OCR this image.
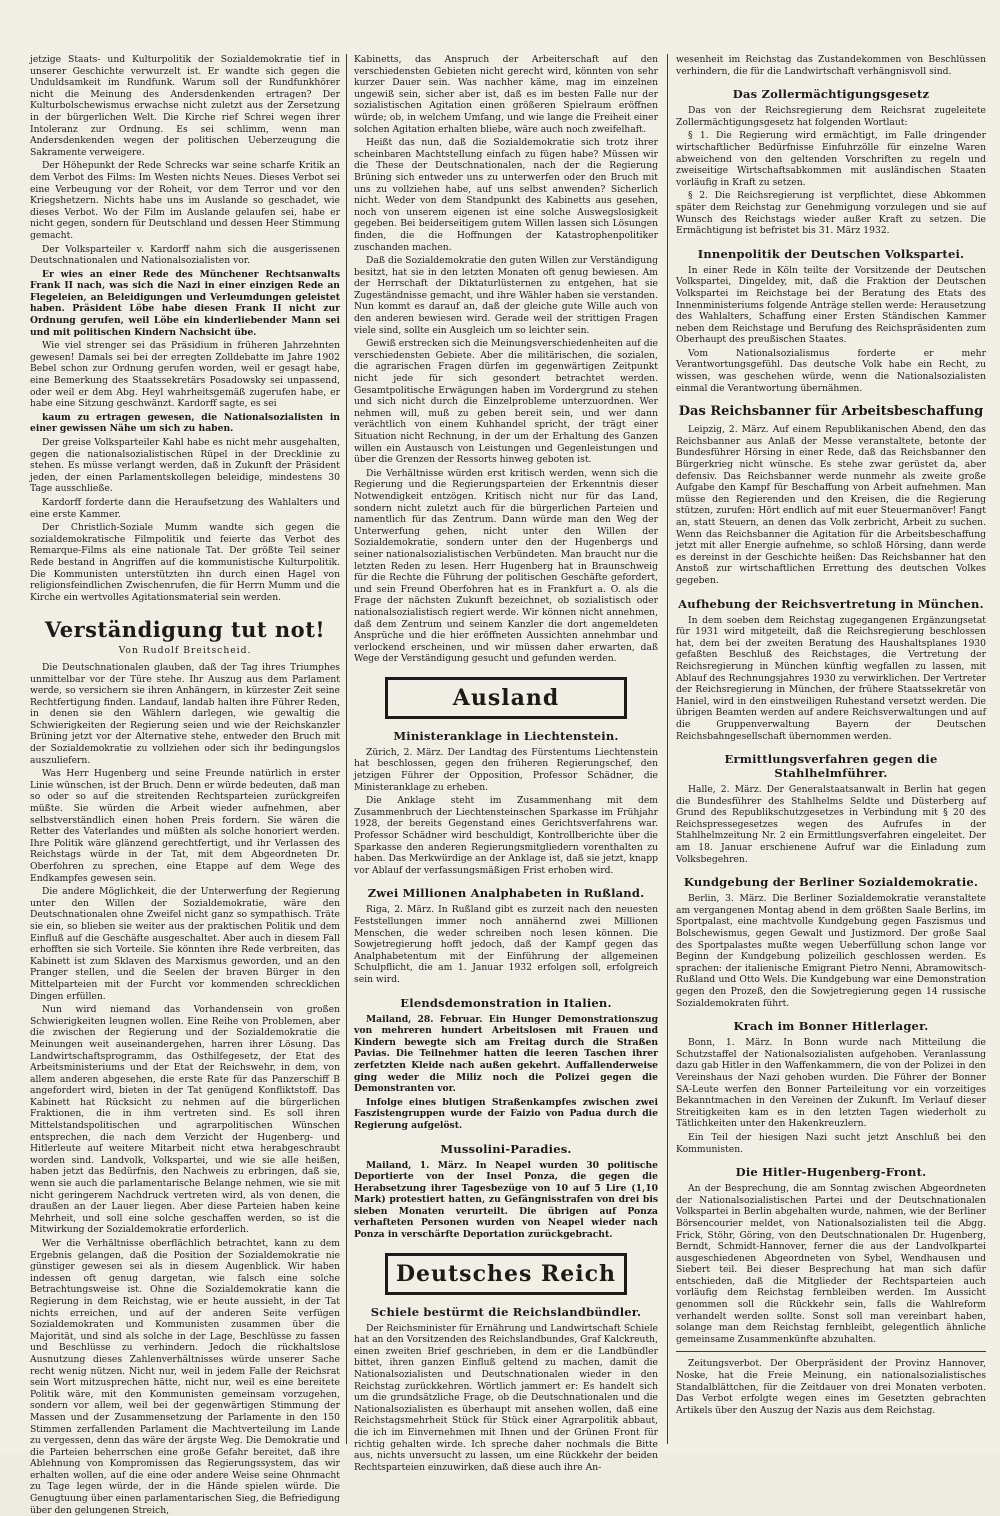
jetzige Staats- und Kulturpolitik der Sozialdemokratie tief in unserer Geschichte verwurzelt ist. Er wandte sich gegen die Unduldsamkeit im Rundfunk. Warum soll der Rundfunkhörer nicht die Meinung des Andersdenkenden ertragen? Der Kulturbolschewismus erwachse nicht zuletzt aus der Zersetzung in der bürgerlichen Welt. Die Kirche rief Schrei wegen ihrer Intoleranz zur Ordnung. Es sei schlimm, wenn man Andersdenkenden wegen der politischen Ueberzeugung die Sakramente verweigere.

Der Höhepunkt der Rede Schrecks war seine scharfe Kritik an dem Verbot des Films: Im Westen nichts Neues. Dieses Verbot sei eine Verbeugung vor der Roheit, vor dem Terror und vor den Kriegshetzern. Nichts habe uns im Auslande so geschadet, wie dieses Verbot. Wo der Film im Auslande gelaufen sei, habe er nicht gegen, sondern für Deutschland und dessen Heer Stimmung gemacht.

Der Volksparteiler v. Kardorff nahm sich die ausgerissenen Deutschnationalen und Nationalsozialisten vor.

Er wies an einer Rede des Münchener Rechtsanwalts Frank II nach, was sich die Nazi in einer einzigen Rede an Flegeleien, an Beleidigungen und Verleumdungen geleistet haben. Präsident Löbe habe diesen Frank II nicht zur Ordnung gerufen, weil Löbe ein kinderliebender Mann sei und mit politischen Kindern Nachsicht übe.

Wie viel strenger sei das Präsidium in früheren Jahrzehnten gewesen! Damals sei bei der erregten Zolldebatte im Jahre 1902 Bebel schon zur Ordnung gerufen worden, weil er gesagt habe, eine Bemerkung des Staatssekretärs Posadowsky sei unpassend, oder weil er dem Abg. Heyl wahrheitsgemäß zugerufen habe, er habe eine Sitzung geschwänzt. Kardorff sagte, es sei

kaum zu ertragen gewesen, die Nationalsozialisten in einer gewissen Nähe um sich zu haben.

Der greise Volksparteiler Kahl habe es nicht mehr ausgehalten, gegen die nationalsozialistischen Rüpel in der Drecklinie zu stehen. Es müsse verlangt werden, daß in Zukunft der Präsident jeden, der einen Parlamentskollegen beleidige, mindestens 30 Tage ausschließe.

Kardorff forderte dann die Heraufsetzung des Wahlalters und eine erste Kammer.

Der Christlich-Soziale Mumm wandte sich gegen die sozialdemokratische Filmpolitik und feierte das Verbot des Remarque-Films als eine nationale Tat. Der größte Teil seiner Rede bestand in Angriffen auf die kommunistische Kulturpolitik. Die Kommunisten unterstützten ihn durch einen Hagel von religionsfeindlichen Zwischenrufen, die für Herrn Mumm und die Kirche ein wertvolles Agitationsmaterial sein werden.

Verständigung tut not!
Von Rudolf Breitscheid.

Die Deutschnationalen glauben, daß der Tag ihres Triumphes unmittelbar vor der Türe stehe. Ihr Auszug aus dem Parlament werde, so versichern sie ihren Anhängern, in kürzester Zeit seine Rechtfertigung finden. Landauf, landab halten ihre Führer Reden, in denen sie den Wählern darlegen, wie gewaltig die Schwierigkeiten der Regierung seien und wie der Reichskanzler Brüning jetzt vor der Alternative stehe, entweder den Bruch mit der Sozialdemokratie zu vollziehen oder sich ihr bedingungslos auszuliefern.

Was Herr Hugenberg und seine Freunde natürlich in erster Linie wünschen, ist der Bruch. Denn er würde bedeuten, daß man so oder so auf die streitenden Rechtsparteien zurückgreifen müßte. Sie würden die Arbeit wieder aufnehmen, aber selbstverständlich einen hohen Preis fordern. Sie wären die Retter des Vaterlandes und müßten als solche honoriert werden. Ihre Politik wäre glänzend gerechtfertigt, und ihr Verlassen des Reichstags würde in der Tat, mit dem Abgeordneten Dr. Oberfohren zu sprechen, eine Etappe auf dem Wege des Endkampfes gewesen sein.

Die andere Möglichkeit, die der Unterwerfung der Regierung unter den Willen der Sozialdemokratie, wäre den Deutschnationalen ohne Zweifel nicht ganz so sympathisch. Träte sie ein, so blieben sie weiter aus der praktischen Politik und dem Einfluß auf die Geschäfte ausgeschaltet. Aber auch in diesem Fall erhofften sie sich Vorteile. Sie könnten ihre Rede verbreiten, das Kabinett ist zum Sklaven des Marxismus geworden, und an den Pranger stellen, und die Seelen der braven Bürger in den Mittelparteien mit der Furcht vor kommenden schrecklichen Dingen erfüllen.

Nun wird niemand das Vorhandensein von großen Schwierigkeiten leugnen wollen. Eine Reihe von Problemen, aber die zwischen der Regierung und der Sozialdemokratie die Meinungen weit auseinandergehen, harren ihrer Lösung. Das Landwirtschaftsprogramm, das Osthilfegesetz, der Etat des Arbeitsministeriums und der Etat der Reichswehr, in dem, von allem anderen abgesehen, die erste Rate für das Panzerschiff B angefordert wird, bieten in der Tat genügend Konfliktstoff. Das Kabinett hat Rücksicht zu nehmen auf die bürgerlichen Fraktionen, die in ihm vertreten sind. Es soll ihren Mittelstandspolitischen und agrarpolitischen Wünschen entsprechen, die nach dem Verzicht der Hugenberg- und Hitlerleute auf weitere Mitarbeit nicht etwa herabgeschraubt worden sind. Landvolk, Volkspartei, und wie sie alle heißen, haben jetzt das Bedürfnis, den Nachweis zu erbringen, daß sie, wenn sie auch die parlamentarische Belange nehmen, wie sie mit nicht geringerem Nachdruck vertreten wird, als von denen, die draußen an der Lauer liegen. Aber diese Parteien haben keine Mehrheit, und soll eine solche geschaffen werden, so ist die Mitwirkung der Sozialdemokratie erforderlich.

Wer die Verhältnisse oberflächlich betrachtet, kann zu dem Ergebnis gelangen, daß die Position der Sozialdemokratie nie günstiger gewesen sei als in diesem Augenblick. Wir haben indessen oft genug dargetan, wie falsch eine solche Betrachtungsweise ist. Ohne die Sozialdemokratie kann die Regierung in dem Reichstag, wie er heute aussieht, in der Tat nichts erreichen, und auf der anderen Seite verfügen Sozialdemokraten und Kommunisten zusammen über die Majorität, und sind als solche in der Lage, Beschlüsse zu fassen und Beschlüsse zu verhindern. Jedoch die rückhaltslose Ausnutzung dieses Zahlenverhältnisses würde unserer Sache recht wenig nützen. Nicht nur, weil in jedem Falle der Reichsrat sein Wort mitzusprechen hätte, nicht nur, weil es eine bereitete Politik wäre, mit den Kommunisten gemeinsam vorzugehen, sondern vor allem, weil bei der gegenwärtigen Stimmung der Massen und der Zusammensetzung der Parlamente in den 150 Stimmen zerfallenden Parlament die Machtverteilung im Lande zu vergessen, denn das wäre der ärgste Weg. Die Demokratie und die Parteien beherrschen eine große Gefahr bereitet, daß ihre Ablehnung von Kompromissen das Regierungssystem, das wir erhalten wollen, auf die eine oder andere Weise seine Ohnmacht zu Tage legen würde, der in die Hände spielen würde. Die Genugtuung über einen parlamentarischen Sieg, die Befriedigung über den gelungenen Streich,

Kabinetts, das Anspruch der Arbeiterschaft auf den verschiedensten Gebieten nicht gerecht wird, könnten von sehr kurzer Dauer sein. Was nachher käme, mag im einzelnen ungewiß sein, sicher aber ist, daß es im besten Falle nur der sozialistischen Agitation einen größeren Spielraum eröffnen würde; ob, in welchem Umfang, und wie lange die Freiheit einer solchen Agitation erhalten bliebe, wäre auch noch zweifelhaft.

Heißt das nun, daß die Sozialdemokratie sich trotz ihrer scheinbaren Machtstellung einfach zu fügen habe? Müssen wir die These der Deutschnationalen, nach der die Regierung Brüning sich entweder uns zu unterwerfen oder den Bruch mit uns zu vollziehen habe, auf uns selbst anwenden? Sicherlich nicht. Weder von dem Standpunkt des Kabinetts aus gesehen, noch von unserem eigenen ist eine solche Auswegslosigkeit gegeben. Bei beiderseitigem gutem Willen lassen sich Lösungen finden, die die Hoffnungen der Katastrophenpolitiker zuschanden machen.

Daß die Sozialdemokratie den guten Willen zur Verständigung besitzt, hat sie in den letzten Monaten oft genug bewiesen. Am der Herrschaft der Diktaturlüsternen zu entgehen, hat sie Zugeständnisse gemacht, und ihre Wähler haben sie verstanden. Nun kommt es darauf an, daß der gleiche gute Wille auch von den anderen bewiesen wird. Gerade weil der strittigen Fragen viele sind, sollte ein Ausgleich um so leichter sein.

Gewiß erstrecken sich die Meinungsverschiedenheiten auf die verschiedensten Gebiete. Aber die militärischen, die sozialen, die agrarischen Fragen dürfen im gegenwärtigen Zeitpunkt nicht jede für sich gesondert betrachtet werden. Gesamtpolitische Erwägungen haben im Vordergrund zu stehen und sich nicht durch die Einzelprobleme unterzuordnen. Wer nehmen will, muß zu geben bereit sein, und wer dann verächtlich von einem Kuhhandel spricht, der trägt einer Situation nicht Rechnung, in der um der Erhaltung des Ganzen willen ein Austausch von Leistungen und Gegenleistungen und über die Grenzen der Ressorts hinweg geboten ist.

Die Verhältnisse würden erst kritisch werden, wenn sich die Regierung und die Regierungsparteien der Erkenntnis dieser Notwendigkeit entzögen. Kritisch nicht nur für das Land, sondern nicht zuletzt auch für die bürgerlichen Parteien und namentlich für das Zentrum. Dann würde man den Weg der Unterwerfung gehen, nicht unter den Willen der Sozialdemokratie, sondern unter den der Hugenbergs und seiner nationalsozialistischen Verbündeten. Man braucht nur die letzten Reden zu lesen. Herr Hugenberg hat in Braunschweig für die Rechte die Führung der politischen Geschäfte gefordert, und sein Freund Oberfohren hat es in Frankfurt a. O. als die Frage der nächsten Zukunft bezeichnet, ob sozialistisch oder nationalsozialistisch regiert werde. Wir können nicht annehmen, daß dem Zentrum und seinem Kanzler die dort angemeldeten Ansprüche und die hier eröffneten Aussichten annehmbar und verlockend erscheinen, und wir müssen daher erwarten, daß Wege der Verständigung gesucht und gefunden werden.

Ausland
Ministeranklage in Liechtenstein.

Zürich, 2. März. Der Landtag des Fürstentums Liechtenstein hat beschlossen, gegen den früheren Regierungschef, den jetzigen Führer der Opposition, Professor Schädner, die Ministeranklage zu erheben.

Die Anklage steht im Zusammenhang mit dem Zusammenbruch der Liechtensteinschen Sparkasse im Frühjahr 1928, der bereits Gegenstand eines Gerichtsverfahrens war. Professor Schädner wird beschuldigt, Kontrollberichte über die Sparkasse den anderen Regierungsmitgliedern vorenthalten zu haben. Das Merkwürdige an der Anklage ist, daß sie jetzt, knapp vor Ablauf der verfassungsmäßigen Frist erhoben wird.

Zwei Millionen Analphabeten in Rußland.

Riga, 2. März. In Rußland gibt es zurzeit nach den neuesten Feststellungen immer noch annähernd zwei Millionen Menschen, die weder schreiben noch lesen können. Die Sowjetregierung hofft jedoch, daß der Kampf gegen das Analphabetentum mit der Einführung der allgemeinen Schulpflicht, die am 1. Januar 1932 erfolgen soll, erfolgreich sein wird.

Elendsdemonstration in Italien.

Mailand, 28. Februar. Ein Hunger Demonstrationszug von mehreren hundert Arbeitslosen mit Frauen und Kindern bewegte sich am Freitag durch die Straßen Pavias. Die Teilnehmer hatten die leeren Taschen ihrer zerfetzten Kleide nach außen gekehrt. Auffallenderweise ging weder die Miliz noch die Polizei gegen die Demonstranten vor.

Infolge eines blutigen Straßenkampfes zwischen zwei Faszistengruppen wurde der Faizio von Padua durch die Regierung aufgelöst.

Mussolini-Paradies.

Mailand, 1. März. In Neapel wurden 30 politische Deportierte von der Insel Ponza, die gegen die Herabsetzung ihrer Tagesbezüge von 10 auf 5 Lire (1,10 Mark) protestiert hatten, zu Gefängnisstrafen von drei bis sieben Monaten verurteilt. Die übrigen auf Ponza verhafteten Personen wurden von Neapel wieder nach Ponza in verschärfte Deportation zurückgebracht.

Deutsches Reich
Schiele bestürmt die Reichslandbündler.

Der Reichsminister für Ernährung und Landwirtschaft Schiele hat an den Vorsitzenden des Reichslandbundes, Graf Kalckreuth, einen zweiten Brief geschrieben, in dem er die Landbündler bittet, ihren ganzen Einfluß geltend zu machen, damit die Nationalsozialisten und Deutschnationalen wieder in den Reichstag zurückkehren. Wörtlich jammert er: Es handelt sich um die grundsätzliche Frage, ob die Deutschnationalen und die Nationalsozialisten es überhaupt mit ansehen wollen, daß eine Reichstagsmehrheit Stück für Stück einer Agrarpolitik abbaut, die ich im Einvernehmen mit Ihnen und der Grünen Front für richtig gehalten wirde. Ich spreche daher nochmals die Bitte aus, nichts unversucht zu lassen, um eine Rückkehr der beiden Rechtsparteien einzuwirken, daß diese auch ihre An-

wesenheit im Reichstag das Zustandekommen von Beschlüssen verhindern, die für die Landwirtschaft verhängnisvoll sind.

Das Zollermächtigungsgesetz

Das von der Reichsregierung dem Reichsrat zugeleitete Zollermächtigungsgesetz hat folgenden Wortlaut:

§ 1. Die Regierung wird ermächtigt, im Falle dringender wirtschaftlicher Bedürfnisse Einfuhrzölle für einzelne Waren abweichend von den geltenden Vorschriften zu regeln und zweiseitige Wirtschaftsabkommen mit ausländischen Staaten vorläufig in Kraft zu setzen.

§ 2. Die Reichsregierung ist verpflichtet, diese Abkommen später dem Reichstag zur Genehmigung vorzulegen und sie auf Wunsch des Reichstags wieder außer Kraft zu setzen. Die Ermächtigung ist befristet bis 31. März 1932.

Innenpolitik der Deutschen Volkspartei.

In einer Rede in Köln teilte der Vorsitzende der Deutschen Volkspartei, Dingeldey, mit, daß die Fraktion der Deutschen Volkspartei im Reichstage bei der Beratung des Etats des Innenministeriums folgende Anträge stellen werde: Herausetzung des Wahlalters, Schaffung einer Ersten Ständischen Kammer neben dem Reichstage und Berufung des Reichspräsidenten zum Oberhaupt des preußischen Staates.

Vom Nationalsozialismus forderte er mehr Verantwortungsgefühl. Das deutsche Volk habe ein Recht, zu wissen, was geschehen würde, wenn die Nationalsozialisten einmal die Verantwortung übernähmen.

Das Reichsbanner für Arbeitsbeschaffung

Leipzig, 2. März. Auf einem Republikanischen Abend, den das Reichsbanner aus Anlaß der Messe veranstaltete, betonte der Bundesführer Hörsing in einer Rede, daß das Reichsbanner den Bürgerkrieg nicht wünsche. Es stehe zwar gerüstet da, aber defensiv. Das Reichsbanner werde nunmehr als zweite große Aufgabe den Kampf für Beschaffung von Arbeit aufnehmen. Man müsse den Regierenden und den Kreisen, die die Regierung stützen, zurufen: Hört endlich auf mit euer Steuermanöver! Fangt an, statt Steuern, an denen das Volk zerbricht, Arbeit zu suchen. Wenn das Reichsbanner die Agitation für die Arbeitsbeschaffung jetzt mit aller Energie aufnehme, so schloß Hörsing, dann werde es dereinst in der Geschichte heißen: Das Reichsbanner hat den Anstoß zur wirtschaftlichen Errettung des deutschen Volkes gegeben.

Aufhebung der Reichsvertretung in München.

In dem soeben dem Reichstag zugegangenen Ergänzungsetat für 1931 wird mitgeteilt, daß die Reichsregierung beschlossen hat, dem bei der zweiten Beratung des Haushaltsplanes 1930 gefaßten Beschluß des Reichstages, die Vertretung der Reichsregierung in München künftig wegfallen zu lassen, mit Ablauf des Rechnungsjahres 1930 zu verwirklichen. Der Vertreter der Reichsregierung in München, der frühere Staatssekretär von Haniel, wird in den einstweiligen Ruhestand versetzt werden. Die übrigen Beamten werden auf andere Reichsverwaltungen und auf die Gruppenverwaltung Bayern der Deutschen Reichsbahngesellschaft übernommen werden.

Ermittlungsverfahren gegen die Stahlhelmführer.

Halle, 2. März. Der Generalstaatsanwalt in Berlin hat gegen die Bundesführer des Stahlhelms Seldte und Düsterberg auf Grund des Republikschutzgesetzes in Verbindung mit § 20 des Reichspressegesetzes wegen des Aufrufes in der Stahlhelmzeitung Nr. 2 ein Ermittlungsverfahren eingeleitet. Der am 18. Januar erschienene Aufruf war die Einladung zum Volksbegehren.

Kundgebung der Berliner Sozialdemokratie.

Berlin, 3. März. Die Berliner Sozialdemokratie veranstaltete am vergangenen Montag abend in dem größten Saale Berlins, im Sportpalast, eine machtvolle Kundgebung gegen Faszismus und Bolschewismus, gegen Gewalt und Justizmord. Der große Saal des Sportpalastes mußte wegen Ueberfüllung schon lange vor Beginn der Kundgebung polizeilich geschlossen werden. Es sprachen: der italienische Emigrant Pietro Nenni, Abramowitsch-Rußland und Otto Wels. Die Kundgebung war eine Demonstration gegen den Prozeß, den die Sowjetregierung gegen 14 russische Sozialdemokraten führt.

Krach im Bonner Hitlerlager.

Bonn, 1. März. In Bonn wurde nach Mitteilung die Schutzstaffel der Nationalsozialisten aufgehoben. Veranlassung dazu gab Hitler in den Waffenkammern, die von der Polizei in den Vereinshaus der Nazi gehoben wurden. Die Führer der Bonner SA-Leute werfen den Bonner Parteileitung vor ein vorzeitiges Bekanntmachen in den Vereinen der Zukunft. Im Verlauf dieser Streitigkeiten kam es in den letzten Tagen wiederholt zu Tätlichkeiten unter den Hakenkreuzlern.

Ein Teil der hiesigen Nazi sucht jetzt Anschluß bei den Kommunisten.

Die Hitler-Hugenberg-Front.

An der Besprechung, die am Sonntag zwischen Abgeordneten der Nationalsozialistischen Partei und der Deutschnationalen Volkspartei in Berlin abgehalten wurde, nahmen, wie der Berliner Börsencourier meldet, von Nationalsozialisten teil die Abgg. Frick, Stöhr, Göring, von den Deutschnationalen Dr. Hugenberg, Berndt, Schmidt-Hannover, ferner die aus der Landvolkpartei ausgeschiedenen Abgeordneten von Sybel, Wendhausen und Siebert teil. Bei dieser Besprechung hat man sich dafür entschieden, daß die Mitglieder der Rechtsparteien auch vorläufig dem Reichstag fernbleiben werden. Im Aussicht genommen soll die Rückkehr sein, falls die Wahlreform verhandelt werden sollte. Sonst soll man vereinbart haben, solange man dem Reichstag fernbleibt, gelegentlich ähnliche gemeinsame Zusammenkünfte abzuhalten.

Zeitungsverbot. Der Oberpräsident der Provinz Hannover, Noske, hat die Freie Meinung, ein nationalsozialistisches Standalblättchen, für die Zeitdauer von drei Monaten verboten. Das Verbot erfolgte wegen eines im Gesetzten gebrachten Artikels über den Auszug der Nazis aus dem Reichstag.
